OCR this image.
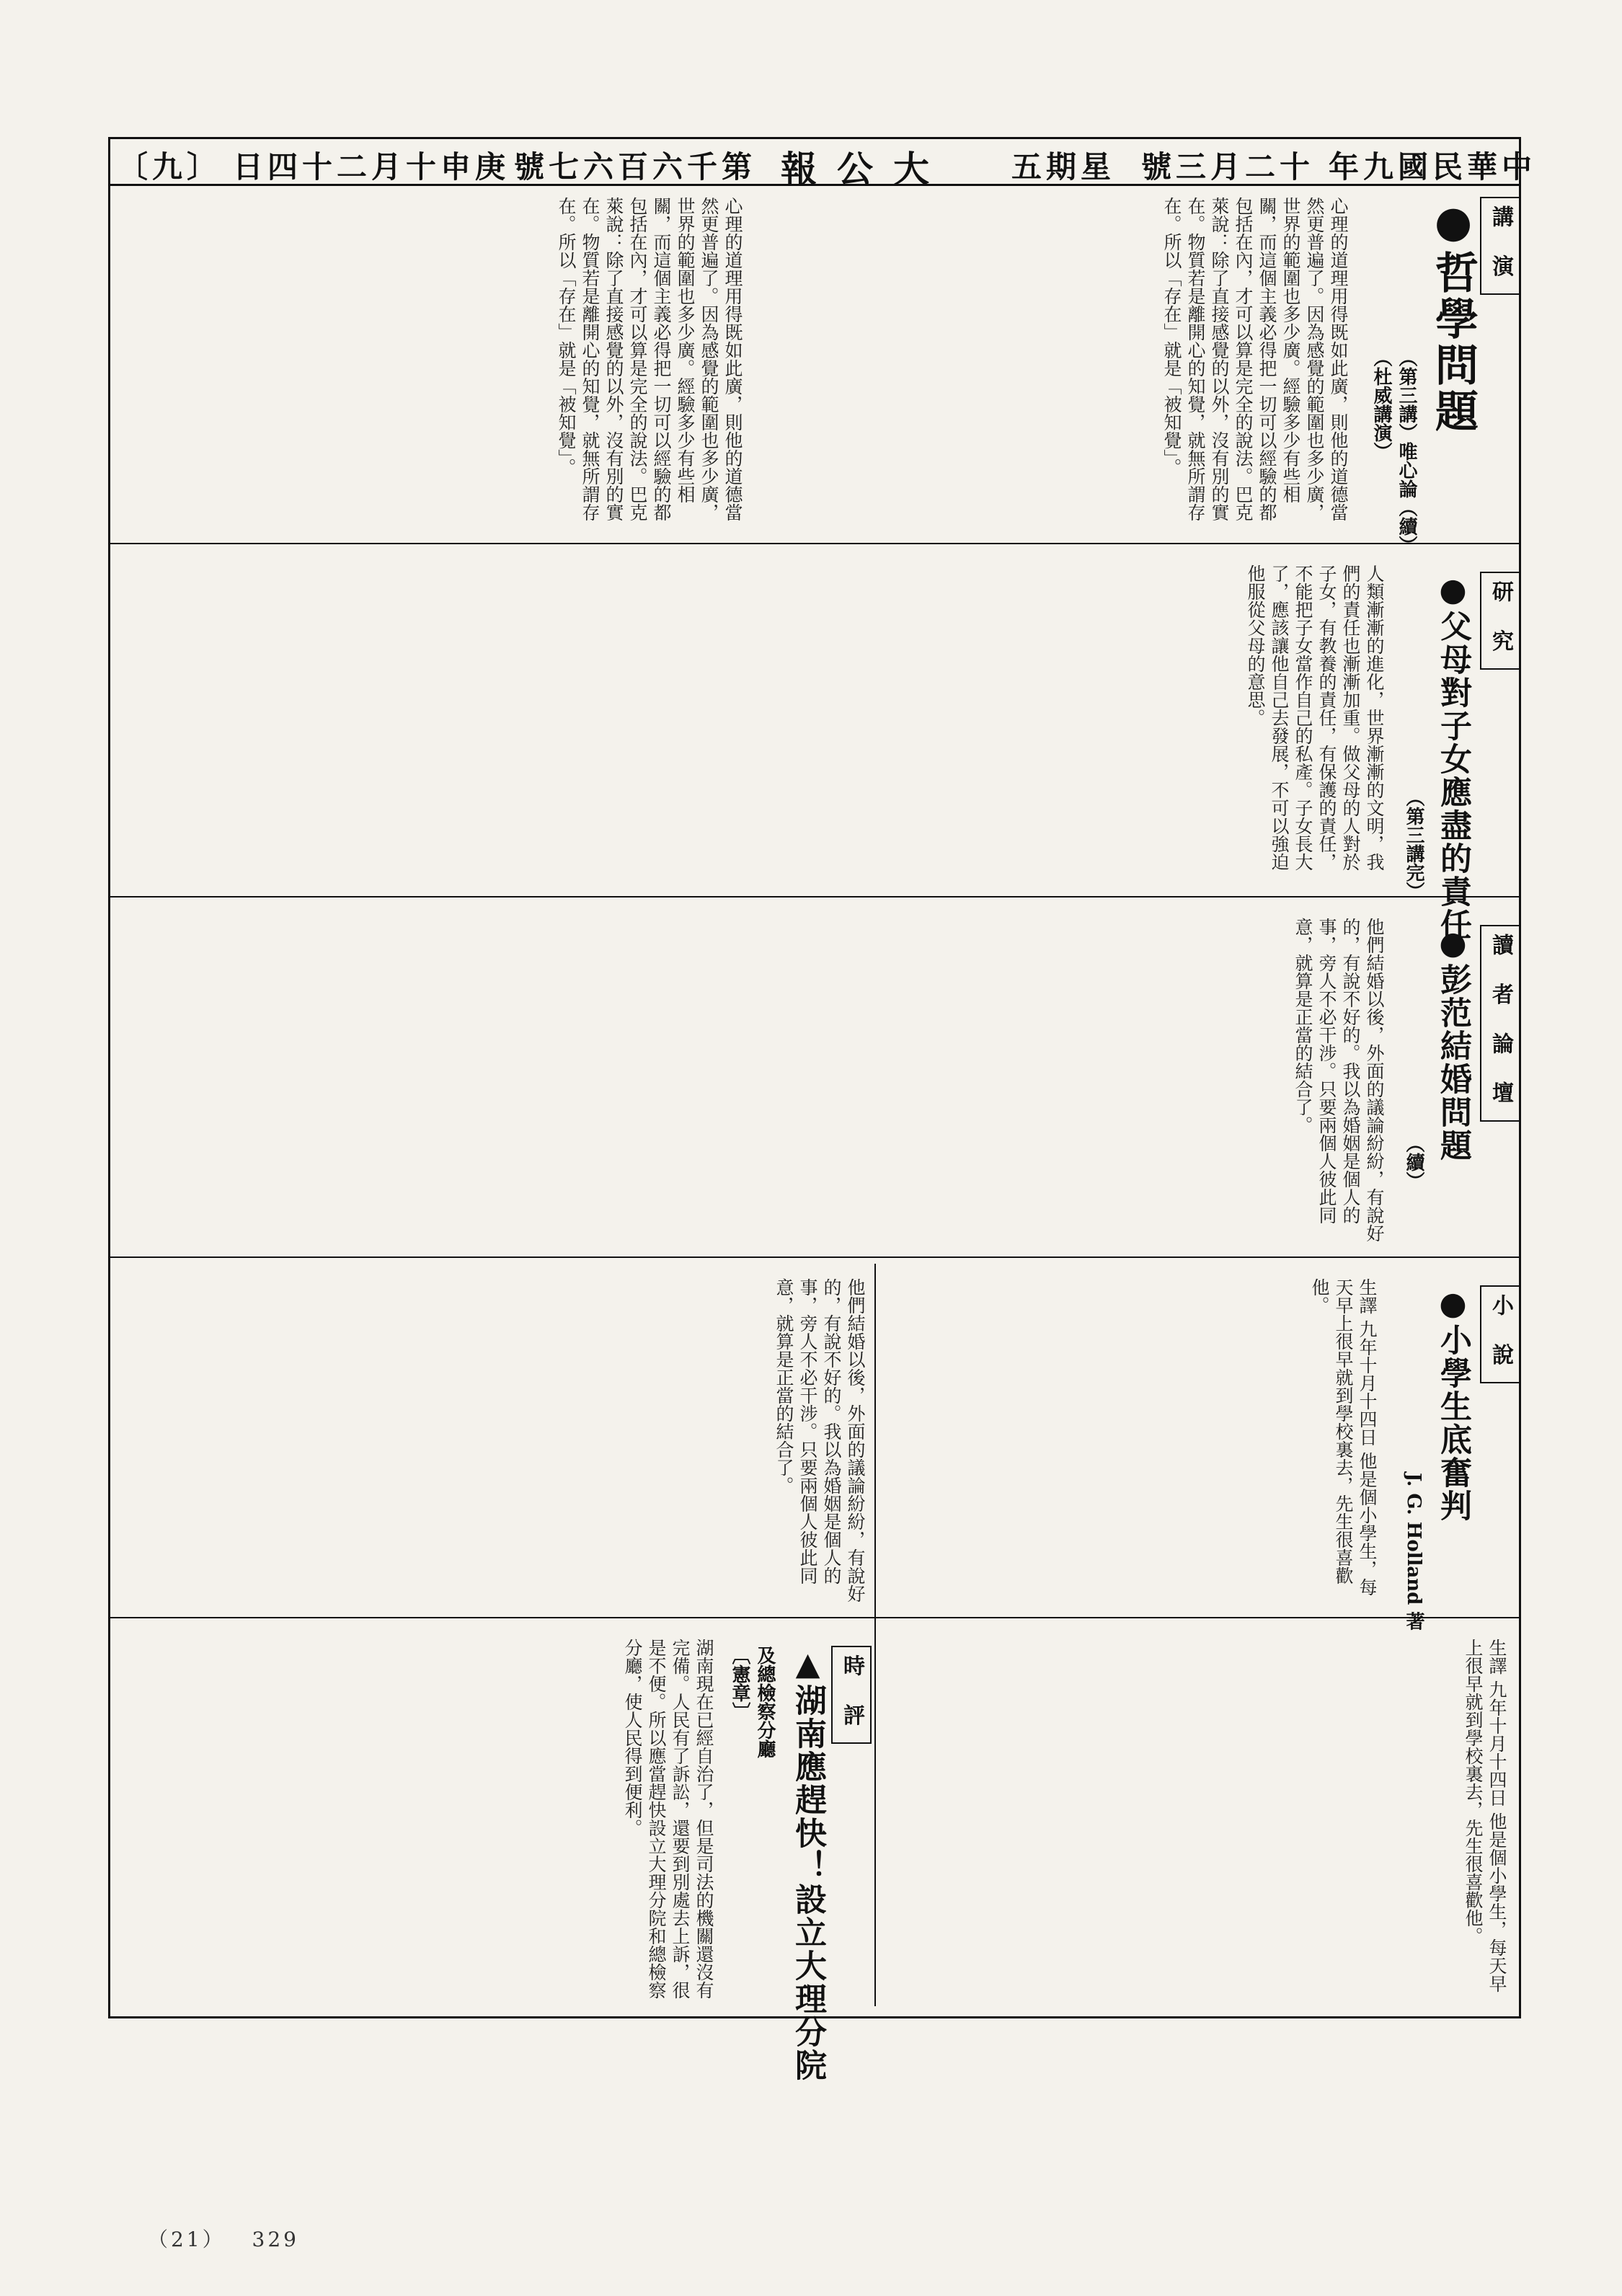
〔九〕 日四十二月十申庚 號七六百六千第 報公大 五期星 號三月二十 年九國民華中
講 演
●哲學問題
（第三講）唯心論（續）
（杜威講演）
心理的道理用得既如此廣，則他的道德當然更普遍了。因為感覺的範圍也多少廣，世界的範圍也多少廣。經驗多少有些相關，而這個主義必得把一切可以經驗的都包括在內，才可以算是完全的說法。巴克萊說：除了直接感覺的以外，沒有別的實在。物質若是離開心的知覺，就無所謂存在。所以「存在」就是「被知覺」。
心理的道理用得既如此廣，則他的道德當然更普遍了。因為感覺的範圍也多少廣，世界的範圍也多少廣。經驗多少有些相關，而這個主義必得把一切可以經驗的都包括在內，才可以算是完全的說法。巴克萊說：除了直接感覺的以外，沒有別的實在。物質若是離開心的知覺，就無所謂存在。所以「存在」就是「被知覺」。
研 究
●父母對子女應盡的責任
（第三講完）
人類漸漸的進化，世界漸漸的文明，我們的責任也漸漸加重。做父母的人對於子女，有教養的責任，有保護的責任，不能把子女當作自己的私產。子女長大了，應該讓他自己去發展，不可以強迫他服從父母的意思。
讀 者 論 壇
●彭范結婚問題
（續）
他們結婚以後，外面的議論紛紛，有說好的，有說不好的。我以為婚姻是個人的事，旁人不必干涉。只要兩個人彼此同意，就算是正當的結合了。
小 說
●小學生底奮判
J. G. Holland 著
生譯 九年十月十四日 他是個小學生，每天早上很早就到學校裏去，先生很喜歡他。
時 評
▲湖南應趕快！設立大理分院
及總檢察分廳
〔憲章〕
湖南現在已經自治了，但是司法的機關還沒有完備。人民有了訴訟，還要到別處去上訴，很是不便。所以應當趕快設立大理分院和總檢察分廳，使人民得到便利。	生譯 九年十月十四日 他是個小學生，每天早上很早就到學校裏去，先生很喜歡他。
他們結婚以後，外面的議論紛紛，有說好的，有說不好的。我以為婚姻是個人的事，旁人不必干涉。只要兩個人彼此同意，就算是正當的結合了。
（21） 329
